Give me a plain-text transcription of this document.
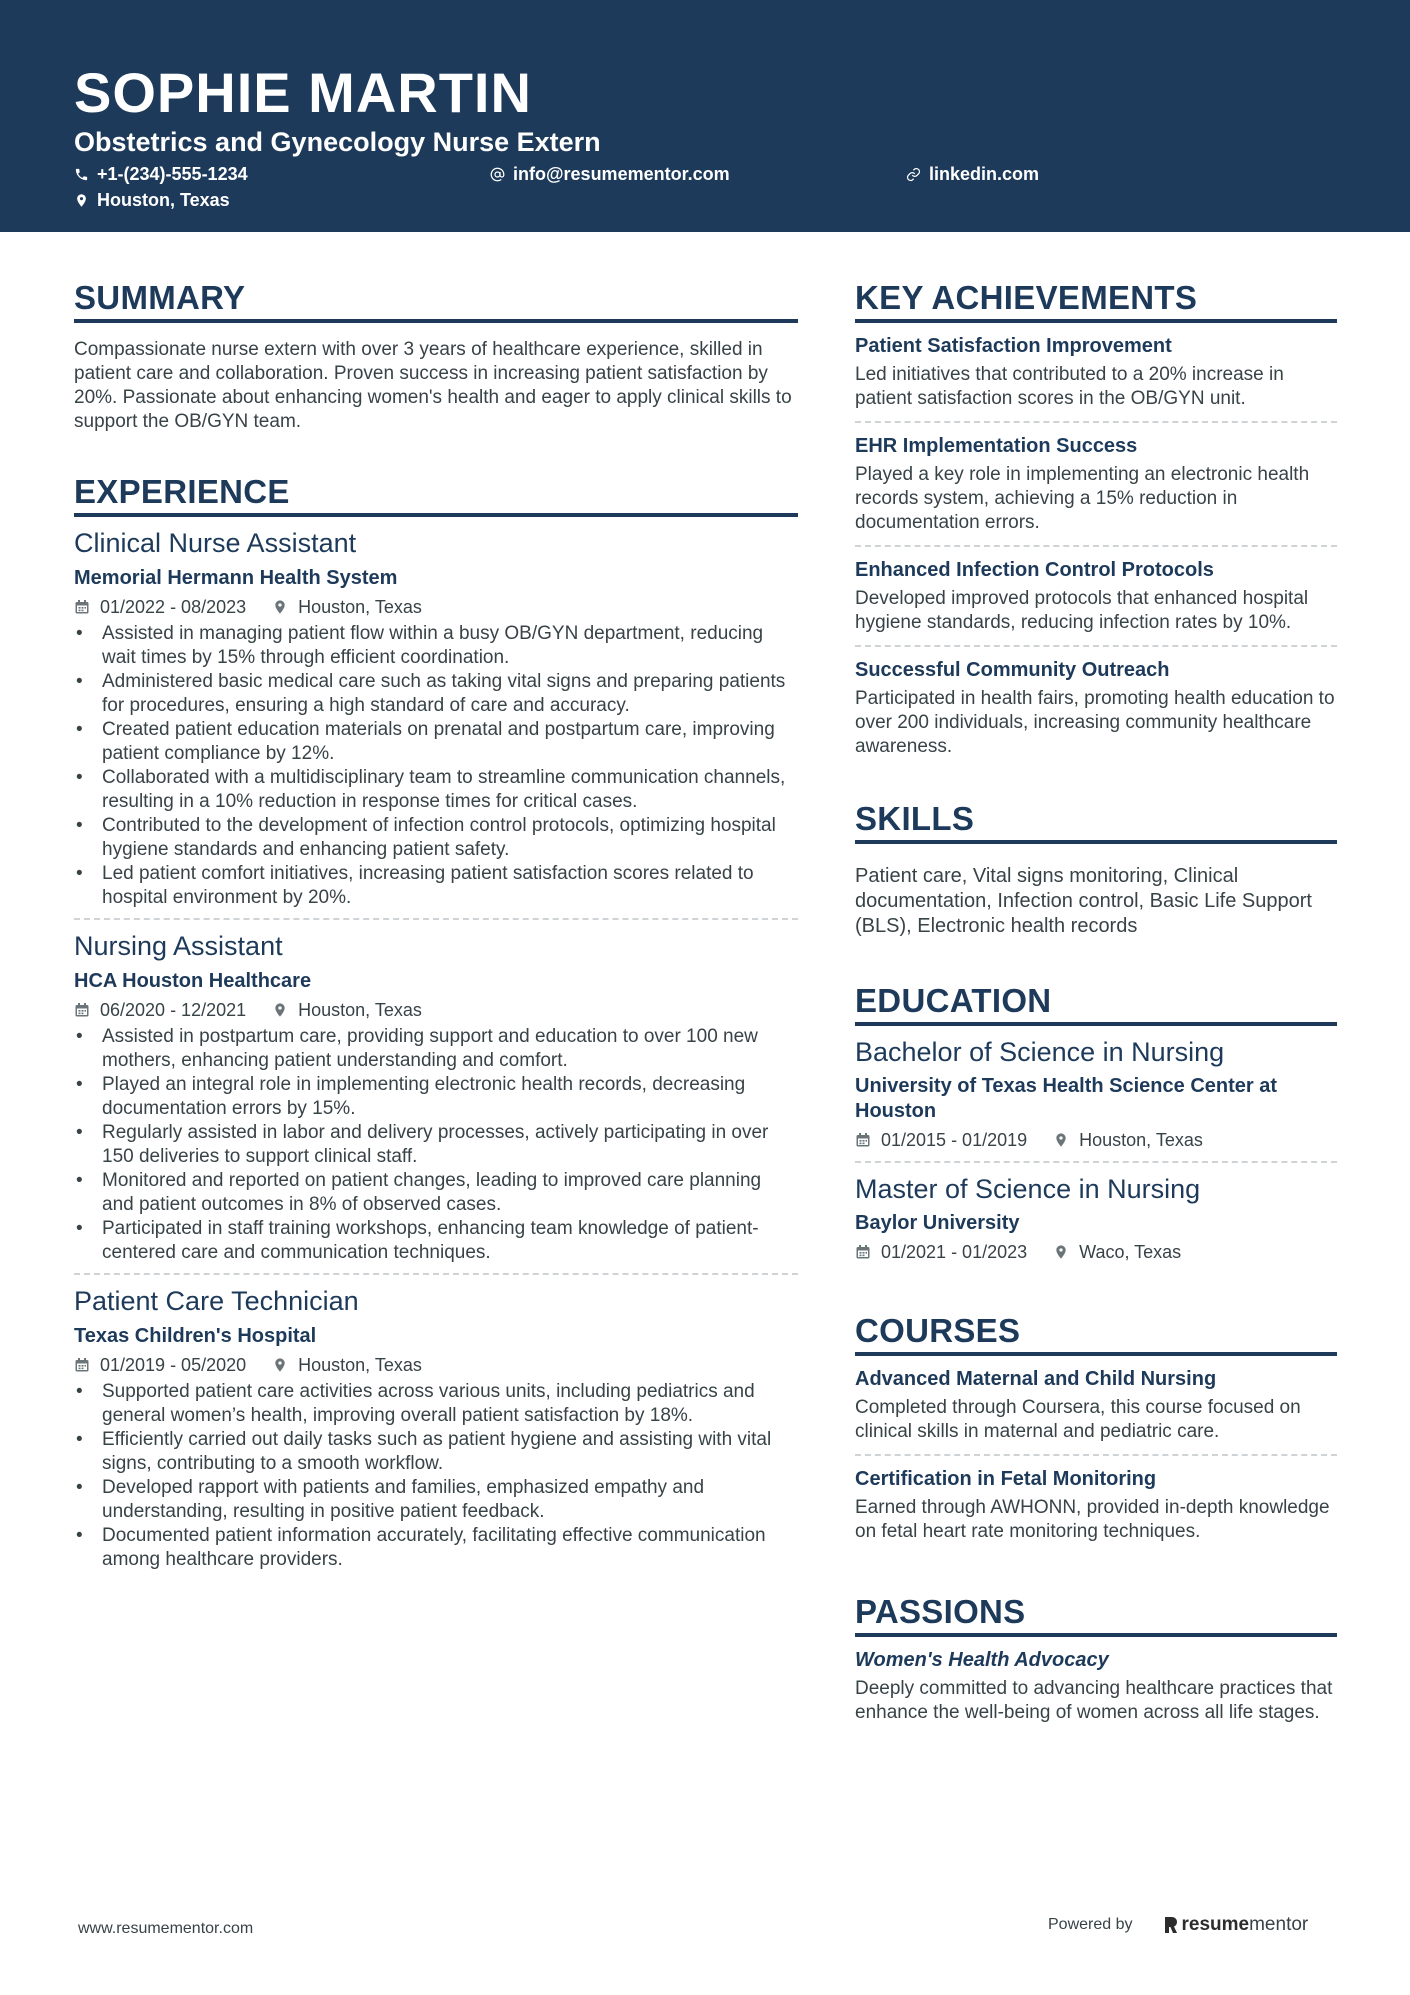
SOPHIE MARTIN
Obstetrics and Gynecology Nurse Extern
+1-(234)-555-1234	info@resumementor.com	linkedin.com
Houston, Texas
SUMMARY
Compassionate nurse extern with over 3 years of healthcare experience, skilled in patient care and collaboration. Proven success in increasing patient satisfaction by 20%. Passionate about enhancing women's health and eager to apply clinical skills to support the OB/GYN team.
EXPERIENCE
Clinical Nurse Assistant
Memorial Hermann Health System
01/2022 - 08/2023	Houston, Texas
• Assisted in managing patient flow within a busy OB/GYN department, reducing wait times by 15% through efficient coordination.
• Administered basic medical care such as taking vital signs and preparing patients for procedures, ensuring a high standard of care and accuracy.
• Created patient education materials on prenatal and postpartum care, improving patient compliance by 12%.
• Collaborated with a multidisciplinary team to streamline communication channels, resulting in a 10% reduction in response times for critical cases.
• Contributed to the development of infection control protocols, optimizing hospital hygiene standards and enhancing patient safety.
• Led patient comfort initiatives, increasing patient satisfaction scores related to hospital environment by 20%.
Nursing Assistant
HCA Houston Healthcare
06/2020 - 12/2021	Houston, Texas
• Assisted in postpartum care, providing support and education to over 100 new mothers, enhancing patient understanding and comfort.
• Played an integral role in implementing electronic health records, decreasing documentation errors by 15%.
• Regularly assisted in labor and delivery processes, actively participating in over 150 deliveries to support clinical staff.
• Monitored and reported on patient changes, leading to improved care planning and patient outcomes in 8% of observed cases.
• Participated in staff training workshops, enhancing team knowledge of patient-centered care and communication techniques.
Patient Care Technician
Texas Children's Hospital
01/2019 - 05/2020	Houston, Texas
• Supported patient care activities across various units, including pediatrics and general women’s health, improving overall patient satisfaction by 18%.
• Efficiently carried out daily tasks such as patient hygiene and assisting with vital signs, contributing to a smooth workflow.
• Developed rapport with patients and families, emphasized empathy and understanding, resulting in positive patient feedback.
• Documented patient information accurately, facilitating effective communication among healthcare providers.
KEY ACHIEVEMENTS
Patient Satisfaction Improvement
Led initiatives that contributed to a 20% increase in patient satisfaction scores in the OB/GYN unit.
EHR Implementation Success
Played a key role in implementing an electronic health records system, achieving a 15% reduction in documentation errors.
Enhanced Infection Control Protocols
Developed improved protocols that enhanced hospital hygiene standards, reducing infection rates by 10%.
Successful Community Outreach
Participated in health fairs, promoting health education to over 200 individuals, increasing community healthcare awareness.
SKILLS
Patient care, Vital signs monitoring, Clinical documentation, Infection control, Basic Life Support (BLS), Electronic health records
EDUCATION
Bachelor of Science in Nursing
University of Texas Health Science Center at Houston
01/2015 - 01/2019	Houston, Texas
Master of Science in Nursing
Baylor University
01/2021 - 01/2023	Waco, Texas
COURSES
Advanced Maternal and Child Nursing
Completed through Coursera, this course focused on clinical skills in maternal and pediatric care.
Certification in Fetal Monitoring
Earned through AWHONN, provided in-depth knowledge on fetal heart rate monitoring techniques.
PASSIONS
Women's Health Advocacy
Deeply committed to advancing healthcare practices that enhance the well-being of women across all life stages.
www.resumementor.com	Powered by	resumementor
